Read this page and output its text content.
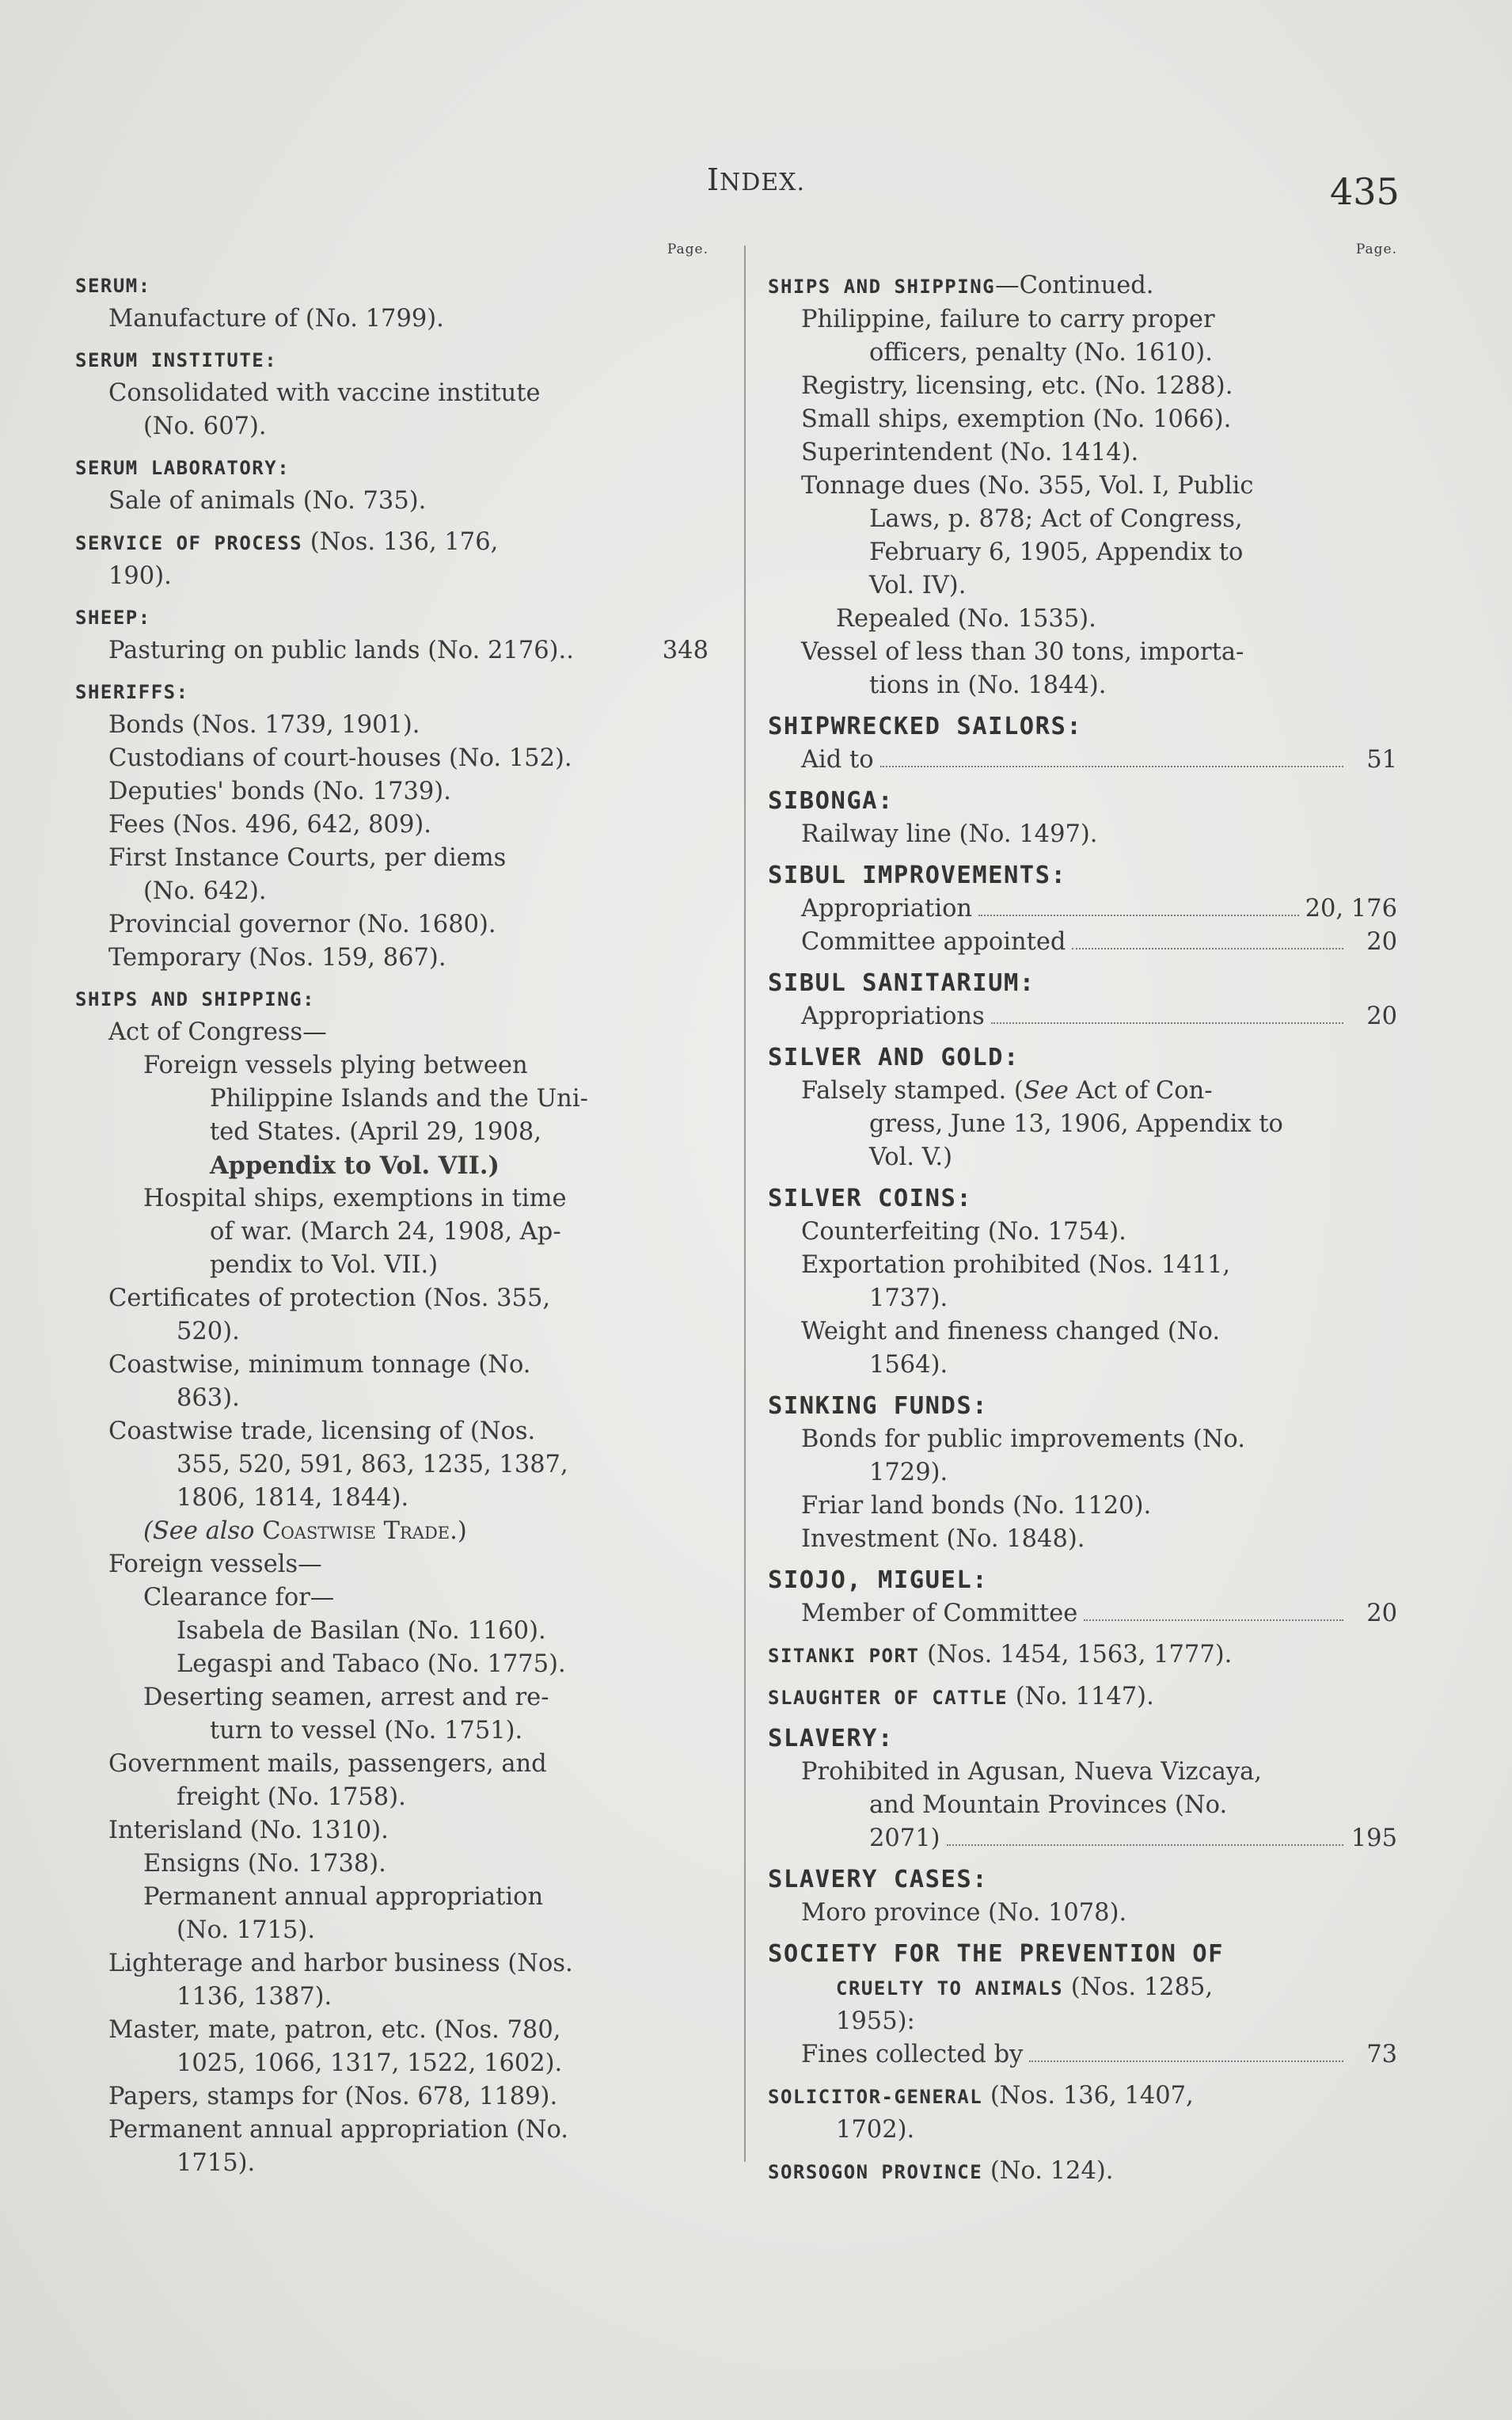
INDEX.	435
Page.
SERUM:
Manufacture of (No. 1799).
SERUM INSTITUTE:
Consolidated with vaccine institute
(No. 607).
SERUM LABORATORY:
Sale of animals (No. 735).
SERVICE OF PROCESS (Nos. 136, 176,
190).
SHEEP:
Pasturing on public lands (No. 2176)..	348
SHERIFFS:
Bonds (Nos. 1739, 1901).
Custodians of court-houses (No. 152).
Deputies' bonds (No. 1739).
Fees (Nos. 496, 642, 809).
First Instance Courts, per diems
(No. 642).
Provincial governor (No. 1680).
Temporary (Nos. 159, 867).
SHIPS AND SHIPPING:
Act of Congress—
Foreign vessels plying between
Philippine Islands and the Uni-
ted States. (April 29, 1908,
Appendix to Vol. VII.)
Hospital ships, exemptions in time
of war. (March 24, 1908, Ap-
pendix to Vol. VII.)
Certificates of protection (Nos. 355,
520).
Coastwise, minimum tonnage (No.
863).
Coastwise trade, licensing of (Nos.
355, 520, 591, 863, 1235, 1387,
1806, 1814, 1844).
(See also Coastwise Trade.)
Foreign vessels—
Clearance for—
Isabela de Basilan (No. 1160).
Legaspi and Tabaco (No. 1775).
Deserting seamen, arrest and re-
turn to vessel (No. 1751).
Government mails, passengers, and
freight (No. 1758).
Interisland (No. 1310).
Ensigns (No. 1738).
Permanent annual appropriation
(No. 1715).
Lighterage and harbor business (Nos.
1136, 1387).
Master, mate, patron, etc. (Nos. 780,
1025, 1066, 1317, 1522, 1602).
Papers, stamps for (Nos. 678, 1189).
Permanent annual appropriation (No.
1715).
Page.
SHIPS AND SHIPPING—Continued.
Philippine, failure to carry proper
officers, penalty (No. 1610).
Registry, licensing, etc. (No. 1288).
Small ships, exemption (No. 1066).
Superintendent (No. 1414).
Tonnage dues (No. 355, Vol. I, Public
Laws, p. 878; Act of Congress,
February 6, 1905, Appendix to
Vol. IV).
Repealed (No. 1535).
Vessel of less than 30 tons, importa-
tions in (No. 1844).
SHIPWRECKED SAILORS:
Aid to	51
SIBONGA:
Railway line (No. 1497).
SIBUL IMPROVEMENTS:
Appropriation	20, 176
Committee appointed	20
SIBUL SANITARIUM:
Appropriations	20
SILVER AND GOLD:
Falsely stamped. (See Act of Con-
gress, June 13, 1906, Appendix to
Vol. V.)
SILVER COINS:
Counterfeiting (No. 1754).
Exportation prohibited (Nos. 1411,
1737).
Weight and fineness changed (No.
1564).
SINKING FUNDS:
Bonds for public improvements (No.
1729).
Friar land bonds (No. 1120).
Investment (No. 1848).
SIOJO, MIGUEL:
Member of Committee	20
SITANKI PORT (Nos. 1454, 1563, 1777).
SLAUGHTER OF CATTLE (No. 1147).
SLAVERY:
Prohibited in Agusan, Nueva Vizcaya,
and Mountain Provinces (No.
2071)	195
SLAVERY CASES:
Moro province (No. 1078).
SOCIETY FOR THE PREVENTION OF
CRUELTY TO ANIMALS (Nos. 1285,
1955):
Fines collected by	73
SOLICITOR-GENERAL (Nos. 136, 1407,
1702).
SORSOGON PROVINCE (No. 124).
